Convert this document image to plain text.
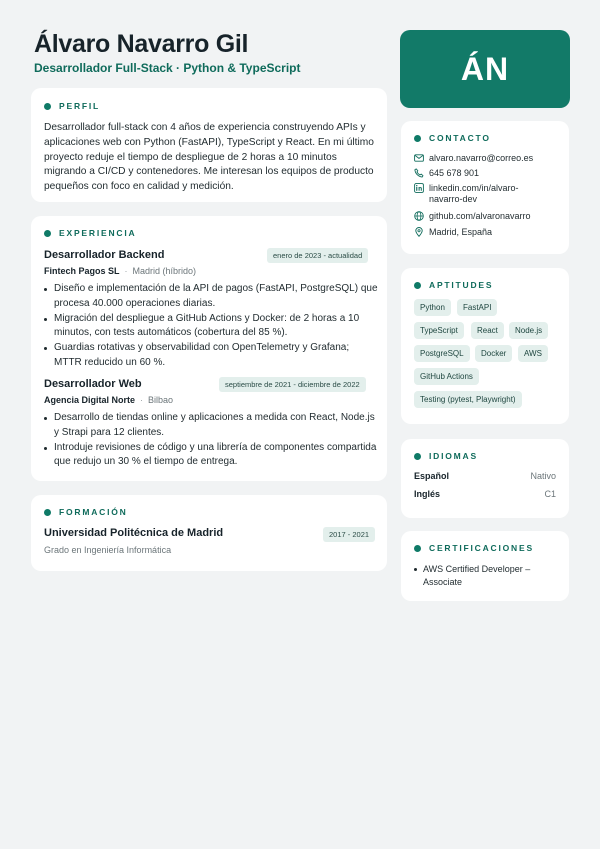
Álvaro Navarro Gil
Desarrollador Full-Stack · Python & TypeScript
PERFIL
Desarrollador full-stack con 4 años de experiencia construyendo APIs y aplicaciones web con Python (FastAPI), TypeScript y React. En mi último proyecto reduje el tiempo de despliegue de 2 horas a 10 minutos migrando a CI/CD y contenedores. Me interesan los equipos de producto pequeños con foco en calidad y medición.
EXPERIENCIA
Desarrollador Backend	enero de 2023 - actualidad
Fintech Pagos SL · Madrid (híbrido)
Diseño e implementación de la API de pagos (FastAPI, PostgreSQL) que procesa 40.000 operaciones diarias.
Migración del despliegue a GitHub Actions y Docker: de 2 horas a 10 minutos, con tests automáticos (cobertura del 85 %).
Guardias rotativas y observabilidad con OpenTelemetry y Grafana; MTTR reducido un 60 %.
Desarrollador Web	septiembre de 2021 - diciembre de 2022
Agencia Digital Norte · Bilbao
Desarrollo de tiendas online y aplicaciones a medida con React, Node.js y Strapi para 12 clientes.
Introduje revisiones de código y una librería de componentes compartida que redujo un 30 % el tiempo de entrega.
FORMACIÓN
Universidad Politécnica de Madrid	2017 - 2021
Grado en Ingeniería Informática
ÁN
CONTACTO
alvaro.navarro@correo.es
645 678 901
linkedin.com/in/alvaro-
navarro-dev
github.com/alvaronavarro
Madrid, España
APTITUDES
Python	FastAPI
TypeScript	React	Node.js
PostgreSQL	Docker	AWS
GitHub Actions
Testing (pytest, Playwright)
IDIOMAS
Español	Nativo
Inglés	C1
CERTIFICACIONES
AWS Certified Developer – Associate
